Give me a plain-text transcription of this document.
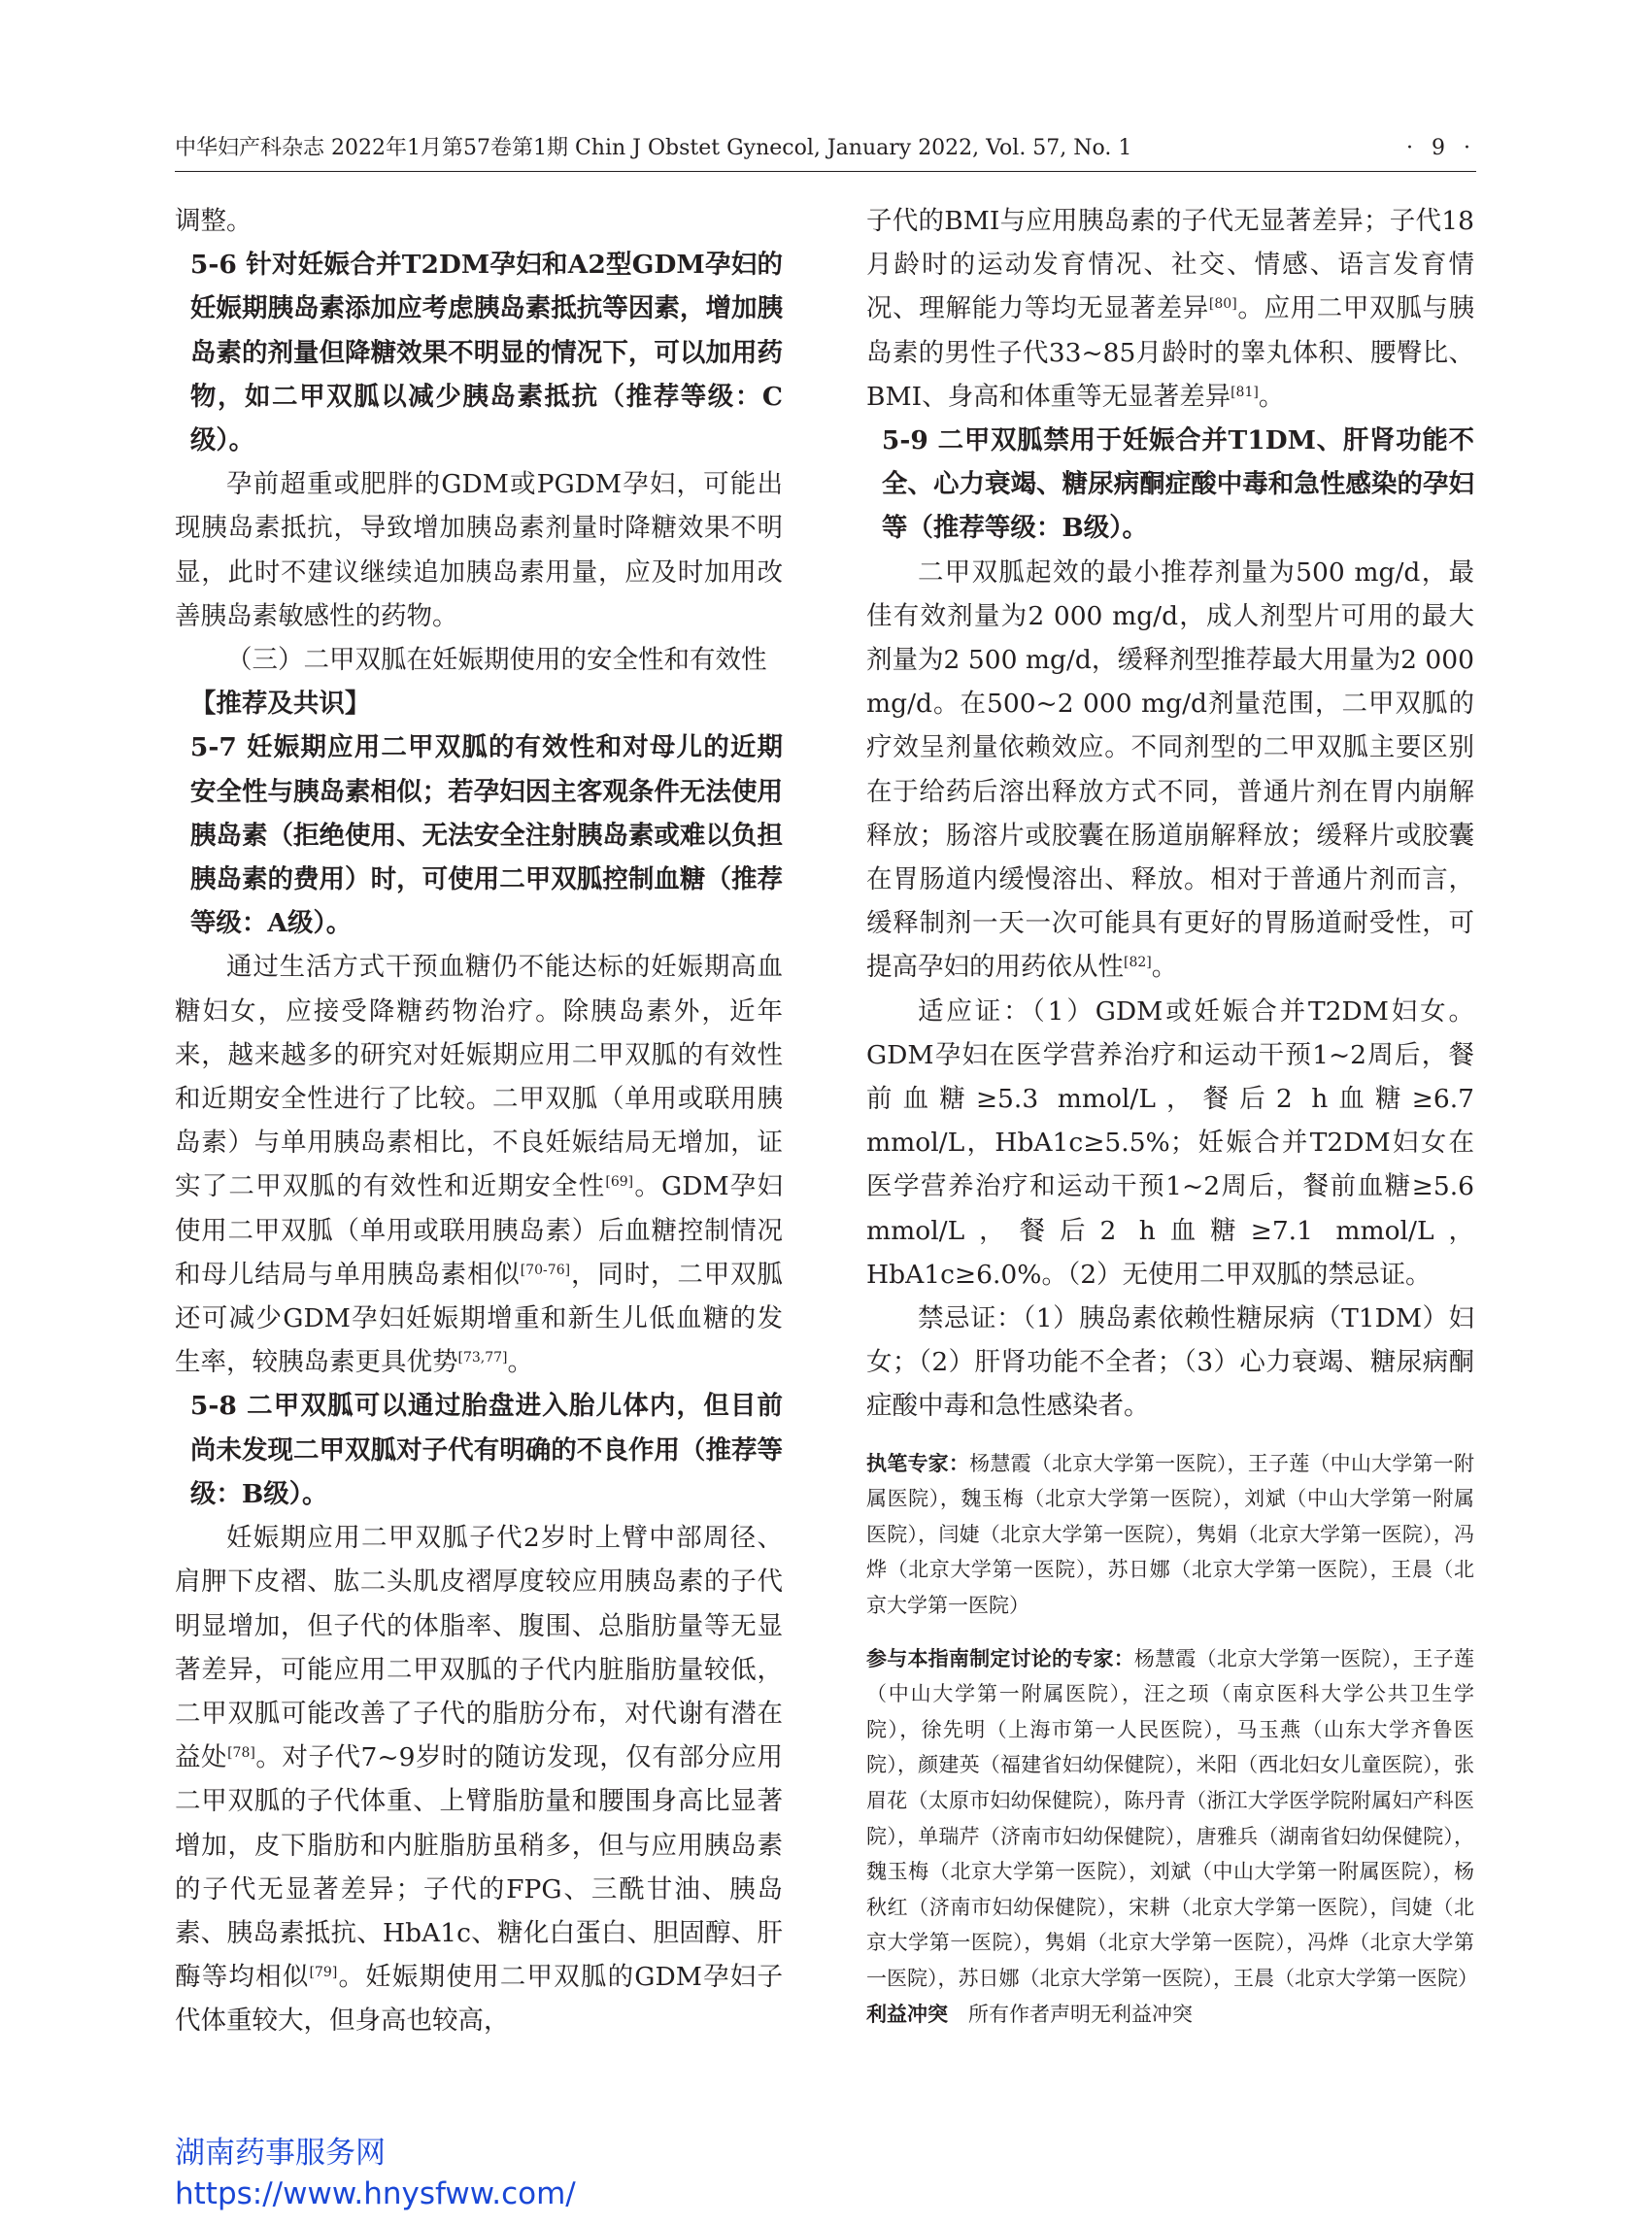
中华妇产科杂志 2022年1月第57卷第1期 Chin J Obstet Gynecol, January 2022, Vol. 57, No. 1	· 9 ·

调整。

5-6 针对妊娠合并T2DM孕妇和A2型GDM孕妇的妊娠期胰岛素添加应考虑胰岛素抵抗等因素，增加胰岛素的剂量但降糖效果不明显的情况下，可以加用药物，如二甲双胍以减少胰岛素抵抗（推荐等级：C级）。

孕前超重或肥胖的GDM或PGDM孕妇，可能出现胰岛素抵抗，导致增加胰岛素剂量时降糖效果不明显，此时不建议继续追加胰岛素用量，应及时加用改善胰岛素敏感性的药物。

（三）二甲双胍在妊娠期使用的安全性和有效性

【推荐及共识】

5-7 妊娠期应用二甲双胍的有效性和对母儿的近期安全性与胰岛素相似；若孕妇因主客观条件无法使用胰岛素（拒绝使用、无法安全注射胰岛素或难以负担胰岛素的费用）时，可使用二甲双胍控制血糖（推荐等级：A级）。

通过生活方式干预血糖仍不能达标的妊娠期高血糖妇女，应接受降糖药物治疗。除胰岛素外，近年来，越来越多的研究对妊娠期应用二甲双胍的有效性和近期安全性进行了比较。二甲双胍（单用或联用胰岛素）与单用胰岛素相比，不良妊娠结局无增加，证实了二甲双胍的有效性和近期安全性[69]。GDM孕妇使用二甲双胍（单用或联用胰岛素）后血糖控制情况和母儿结局与单用胰岛素相似[70-76]，同时，二甲双胍还可减少GDM孕妇妊娠期增重和新生儿低血糖的发生率，较胰岛素更具优势[73,77]。

5-8 二甲双胍可以通过胎盘进入胎儿体内，但目前尚未发现二甲双胍对子代有明确的不良作用（推荐等级：B级）。

妊娠期应用二甲双胍子代2岁时上臂中部周径、肩胛下皮褶、肱二头肌皮褶厚度较应用胰岛素的子代明显增加，但子代的体脂率、腹围、总脂肪量等无显著差异，可能应用二甲双胍的子代内脏脂肪量较低，二甲双胍可能改善了子代的脂肪分布，对代谢有潜在益处[78]。对子代7~9岁时的随访发现，仅有部分应用二甲双胍的子代体重、上臂脂肪量和腰围身高比显著增加，皮下脂肪和内脏脂肪虽稍多，但与应用胰岛素的子代无显著差异；子代的FPG、三酰甘油、胰岛素、胰岛素抵抗、HbA1c、糖化白蛋白、胆固醇、肝酶等均相似[79]。妊娠期使用二甲双胍的GDM孕妇子代体重较大，但身高也较高，

子代的BMI与应用胰岛素的子代无显著差异；子代18月龄时的运动发育情况、社交、情感、语言发育情况、理解能力等均无显著差异[80]。应用二甲双胍与胰岛素的男性子代33~85月龄时的睾丸体积、腰臀比、BMI、身高和体重等无显著差异[81]。

5-9 二甲双胍禁用于妊娠合并T1DM、肝肾功能不全、心力衰竭、糖尿病酮症酸中毒和急性感染的孕妇等（推荐等级：B级）。

二甲双胍起效的最小推荐剂量为500 mg/d，最佳有效剂量为2 000 mg/d，成人剂型片可用的最大剂量为2 500 mg/d，缓释剂型推荐最大用量为2 000 mg/d。在500~2 000 mg/d剂量范围，二甲双胍的疗效呈剂量依赖效应。不同剂型的二甲双胍主要区别在于给药后溶出释放方式不同，普通片剂在胃内崩解释放；肠溶片或胶囊在肠道崩解释放；缓释片或胶囊在胃肠道内缓慢溶出、释放。相对于普通片剂而言，缓释制剂一天一次可能具有更好的胃肠道耐受性，可提高孕妇的用药依从性[82]。

适应证：（1）GDM或妊娠合并T2DM妇女。GDM孕妇在医学营养治疗和运动干预1~2周后，餐前血糖≥5.3 mmol/L，餐后2 h血糖≥6.7 mmol/L，HbA1c≥5.5%；妊娠合并T2DM妇女在医学营养治疗和运动干预1~2周后，餐前血糖≥5.6 mmol/L，餐后2 h血糖≥7.1 mmol/L，HbA1c≥6.0%。（2）无使用二甲双胍的禁忌证。

禁忌证：（1）胰岛素依赖性糖尿病（T1DM）妇女；（2）肝肾功能不全者；（3）心力衰竭、糖尿病酮症酸中毒和急性感染者。

执笔专家：杨慧霞（北京大学第一医院），王子莲（中山大学第一附属医院），魏玉梅（北京大学第一医院），刘斌（中山大学第一附属医院），闫婕（北京大学第一医院），隽娟（北京大学第一医院），冯烨（北京大学第一医院），苏日娜（北京大学第一医院），王晨（北京大学第一医院）

参与本指南制定讨论的专家：杨慧霞（北京大学第一医院），王子莲（中山大学第一附属医院），汪之顼（南京医科大学公共卫生学院），徐先明（上海市第一人民医院），马玉燕（山东大学齐鲁医院），颜建英（福建省妇幼保健院），米阳（西北妇女儿童医院），张眉花（太原市妇幼保健院），陈丹青（浙江大学医学院附属妇产科医院），单瑞芹（济南市妇幼保健院），唐雅兵（湖南省妇幼保健院），魏玉梅（北京大学第一医院），刘斌（中山大学第一附属医院），杨秋红（济南市妇幼保健院），宋耕（北京大学第一医院），闫婕（北京大学第一医院），隽娟（北京大学第一医院），冯烨（北京大学第一医院），苏日娜（北京大学第一医院），王晨（北京大学第一医院）

利益冲突　 所有作者声明无利益冲突

湖南药事服务网
https://www.hnysfww.com/
